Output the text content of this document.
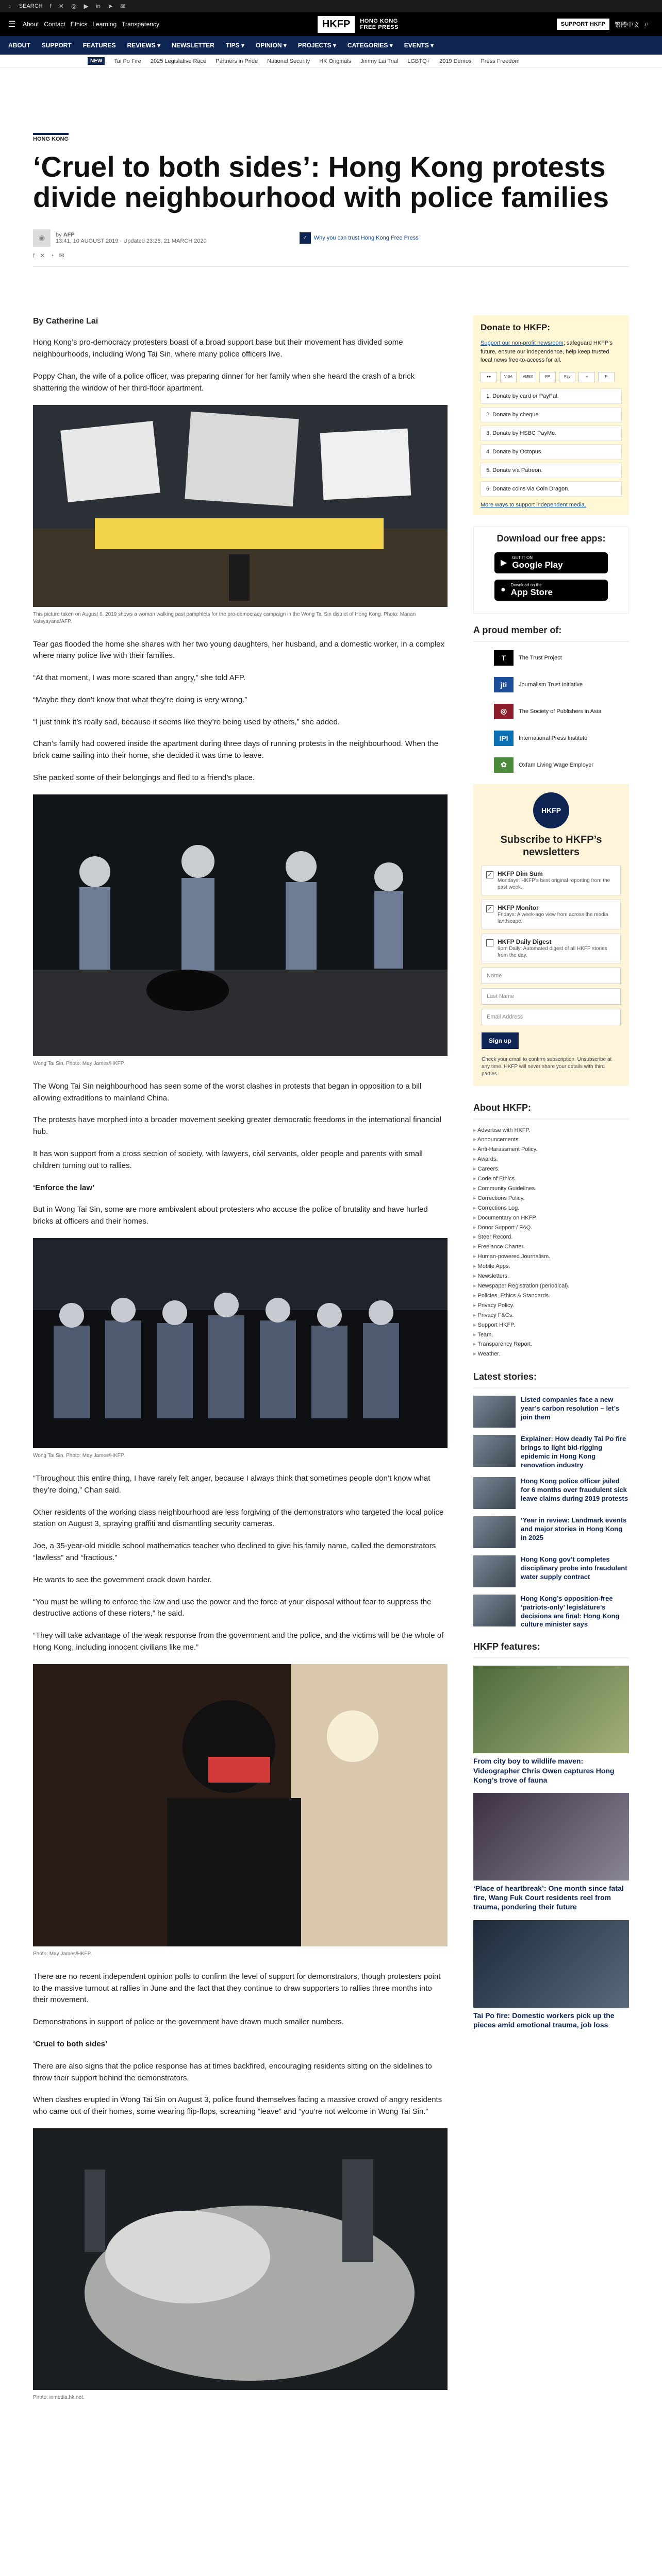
⌕ SEARCH f ✕ ◎ ▶ in ➤ ✉
☰	About Contact Ethics Learning Transparency	HKFP	HONG KONG
FREE PRESS	SUPPORT HKFP	繁體中文 ⌕
ABOUT SUPPORT FEATURES REVIEWS ▾ NEWSLETTER TIPS ▾ OPINION ▾ PROJECTS ▾ CATEGORIES ▾ EVENTS ▾
NEW	Tai Po Fire 2025 Legislative Race Partners in Pride National Security HK Originals Jimmy Lai Trial LGBTQ+ 2019 Demos Press Freedom
HONG KONG
‘Cruel to both sides’: Hong Kong protests divide neighbourhood with police families
◉	by AFP
13:41, 10 AUGUST 2019 · Updated 23:28, 21 MARCH 2020
✓	Why you can trust Hong Kong Free Press
f ✕ ◔ ✉
By Catherine Lai

Hong Kong’s pro-democracy protesters boast of a broad support base but their movement has divided some neighbourhoods, including Wong Tai Sin, where many police officers live.

Poppy Chan, the wife of a police officer, was preparing dinner for her family when she heard the crash of a brick shattering the window of her third-floor apartment.

This picture taken on August 6, 2019 shows a woman walking past pamphlets for the pro-democracy campaign in the Wong Tai Sin district of Hong Kong. Photo: Manan Vatsyayana/AFP.

Tear gas flooded the home she shares with her two young daughters, her husband, and a domestic worker, in a complex where many police live with their families.

“At that moment, I was more scared than angry,” she told AFP.

“Maybe they don’t know that what they’re doing is very wrong.”

“I just think it’s really sad, because it seems like they’re being used by others,” she added.

Chan’s family had cowered inside the apartment during three days of running protests in the neighbourhood. When the brick came sailing into their home, she decided it was time to leave.

She packed some of their belongings and fled to a friend’s place.

Wong Tai Sin. Photo: May James/HKFP.

The Wong Tai Sin neighbourhood has seen some of the worst clashes in protests that began in opposition to a bill allowing extraditions to mainland China.

The protests have morphed into a broader movement seeking greater democratic freedoms in the international financial hub.

It has won support from a cross section of society, with lawyers, civil servants, older people and parents with small children turning out to rallies.

‘Enforce the law’

But in Wong Tai Sin, some are more ambivalent about protesters who accuse the police of brutality and have hurled bricks at officers and their homes.

Wong Tai Sin. Photo: May James/HKFP.

“Throughout this entire thing, I have rarely felt anger, because I always think that sometimes people don’t know what they’re doing,” Chan said.

Other residents of the working class neighbourhood are less forgiving of the demonstrators who targeted the local police station on August 3, spraying graffiti and dismantling security cameras.

Joe, a 35-year-old middle school mathematics teacher who declined to give his family name, called the demonstrators “lawless” and “fractious.”

He wants to see the government crack down harder.

“You must be willing to enforce the law and use the power and the force at your disposal without fear to suppress the destructive actions of these rioters,” he said.

“They will take advantage of the weak response from the government and the police, and the victims will be the whole of Hong Kong, including innocent civilians like me.”

Photo: May James/HKFP.

There are no recent independent opinion polls to confirm the level of support for demonstrators, though protesters point to the massive turnout at rallies in June and the fact that they continue to draw supporters to rallies three months into their movement.

Demonstrations in support of police or the government have drawn much smaller numbers.

‘Cruel to both sides’

There are also signs that the police response has at times backfired, encouraging residents sitting on the sidelines to throw their support behind the demonstrators.

When clashes erupted in Wong Tai Sin on August 3, police found themselves facing a massive crowd of angry residents who came out of their homes, some wearing flip-flops, screaming “leave” and “you’re not welcome in Wong Tai Sin.”

Photo: inmedia.hk.net.
Donate to HKFP:
Support our non-profit newsroom; safeguard HKFP’s future, ensure our independence, help keep trusted local news free-to-access for all.
●●	VISA	AMEX	PP	Pay	∞	P
1. Donate by card or PayPal.
2. Donate by cheque.
3. Donate by HSBC PayMe.
4. Donate by Octopus.
5. Donate via Patreon.
6. Donate coins via Coin Dragon.
More ways to support independent media.
Download our free apps:
▶
GET IT ON
Google Play
●
Download on the
App Store
A proud member of:
T	The Trust Project
jti	Journalism Trust Initiative
◎	The Society of Publishers in Asia
IPI	International Press Institute
✿	Oxfam Living Wage Employer
HKFP
Subscribe to HKFP’s newsletters
✓ HKFP Dim Sum
Mondays: HKFP’s best original reporting from the past week.
✓ HKFP Monitor
Fridays: A week-ago view from across the media landscape.
HKFP Daily Digest
9pm Daily: Automated digest of all HKFP stories from the day.
Name
Last Name
Email Address
Sign up
Check your email to confirm subscription. Unsubscribe at any time. HKFP will never share your details with third parties.
About HKFP:
▸ Advertise with HKFP.
▸ Announcements.
▸ Anti-Harassment Policy.
▸ Awards.
▸ Careers.
▸ Code of Ethics.
▸ Community Guidelines.
▸ Corrections Policy.
▸ Corrections Log.
▸ Documentary on HKFP.
▸ Donor Support / FAQ.
▸ Steer Record.
▸ Freelance Charter.
▸ Human-powered Journalism.
▸ Mobile Apps.
▸ Newsletters.
▸ Newspaper Registration (periodical).
▸ Policies, Ethics & Standards.
▸ Privacy Policy.
▸ Privacy F&Cs.
▸ Support HKFP.
▸ Team.
▸ Transparency Report.
▸ Weather.
Latest stories:
Listed companies face a new year’s carbon resolution – let’s join them
Explainer: How deadly Tai Po fire brings to light bid-rigging epidemic in Hong Kong renovation industry
Hong Kong police officer jailed for 6 months over fraudulent sick leave claims during 2019 protests
‘Year in review: Landmark events and major stories in Hong Kong in 2025
Hong Kong gov’t completes disciplinary probe into fraudulent water supply contract
Hong Kong’s opposition-free ‘patriots-only’ legislature’s decisions are final: Hong Kong culture minister says
HKFP features:
From city boy to wildlife maven: Videographer Chris Owen captures Hong Kong’s trove of fauna
‘Place of heartbreak’: One month since fatal fire, Wang Fuk Court residents reel from trauma, pondering their future
Tai Po fire: Domestic workers pick up the pieces amid emotional trauma, job loss
